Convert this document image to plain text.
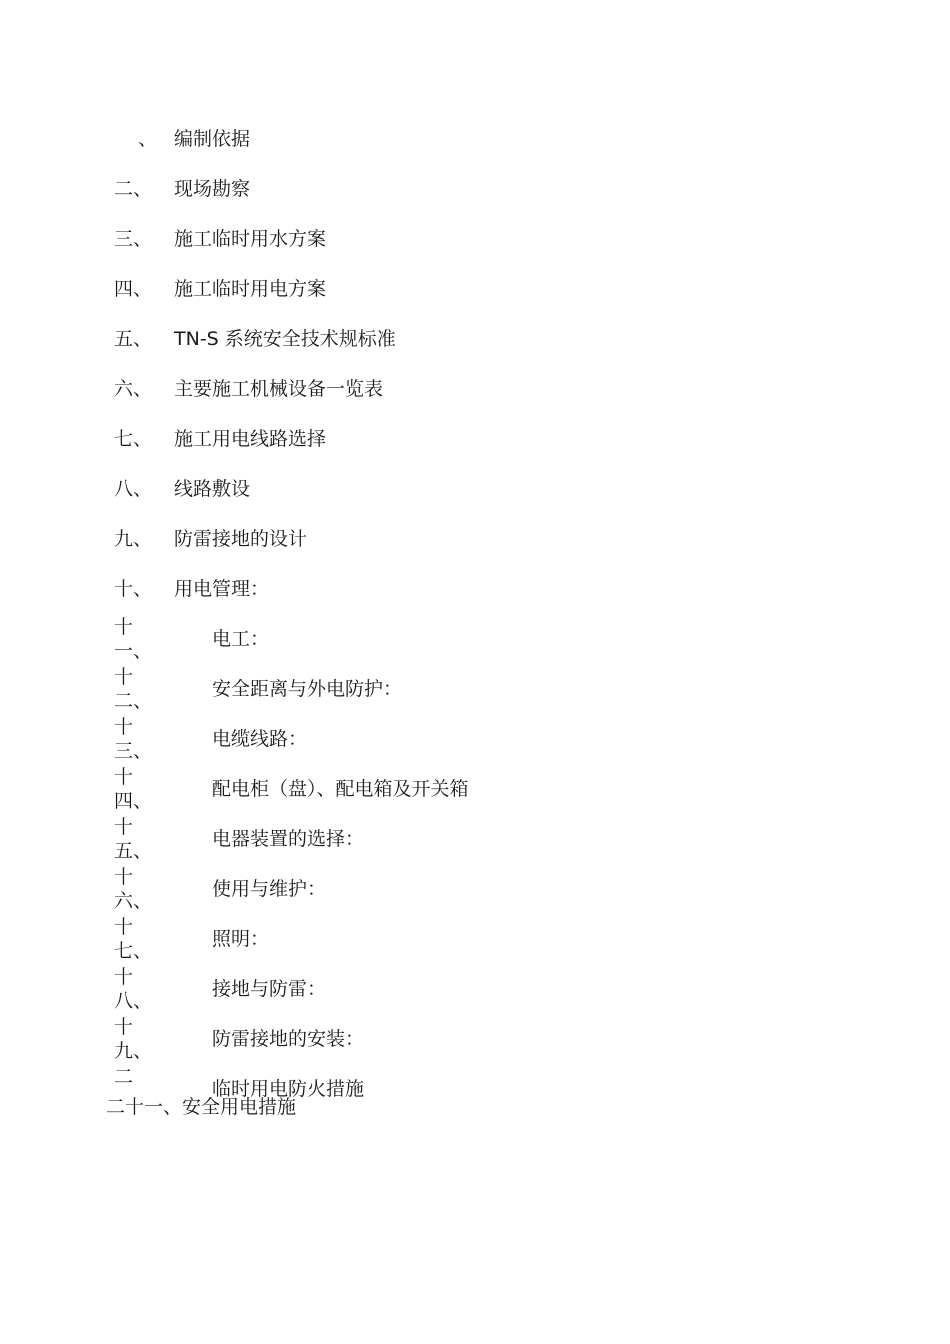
、 编制依据
二、 现场勘察
三、 施工临时用水方案
四、 施工临时用电方案
五、 TN-S 系统安全技术规标准
六、 主要施工机械设备一览表
七、 施工用电线路选择
八、 线路敷设
九、 防雷接地的设计
十、 用电管理：
十一、
电工：
十二、
安全距离与外电防护：
十三、
电缆线路：
十四、
配电柜（盘）、配电箱及开关箱
十五、
电器装置的选择：
十六、
使用与维护：
十七、
照明：
十八、
接地与防雷：
十九、
防雷接地的安装：
二
临时用电防火措施
二十一、安全用电措施
